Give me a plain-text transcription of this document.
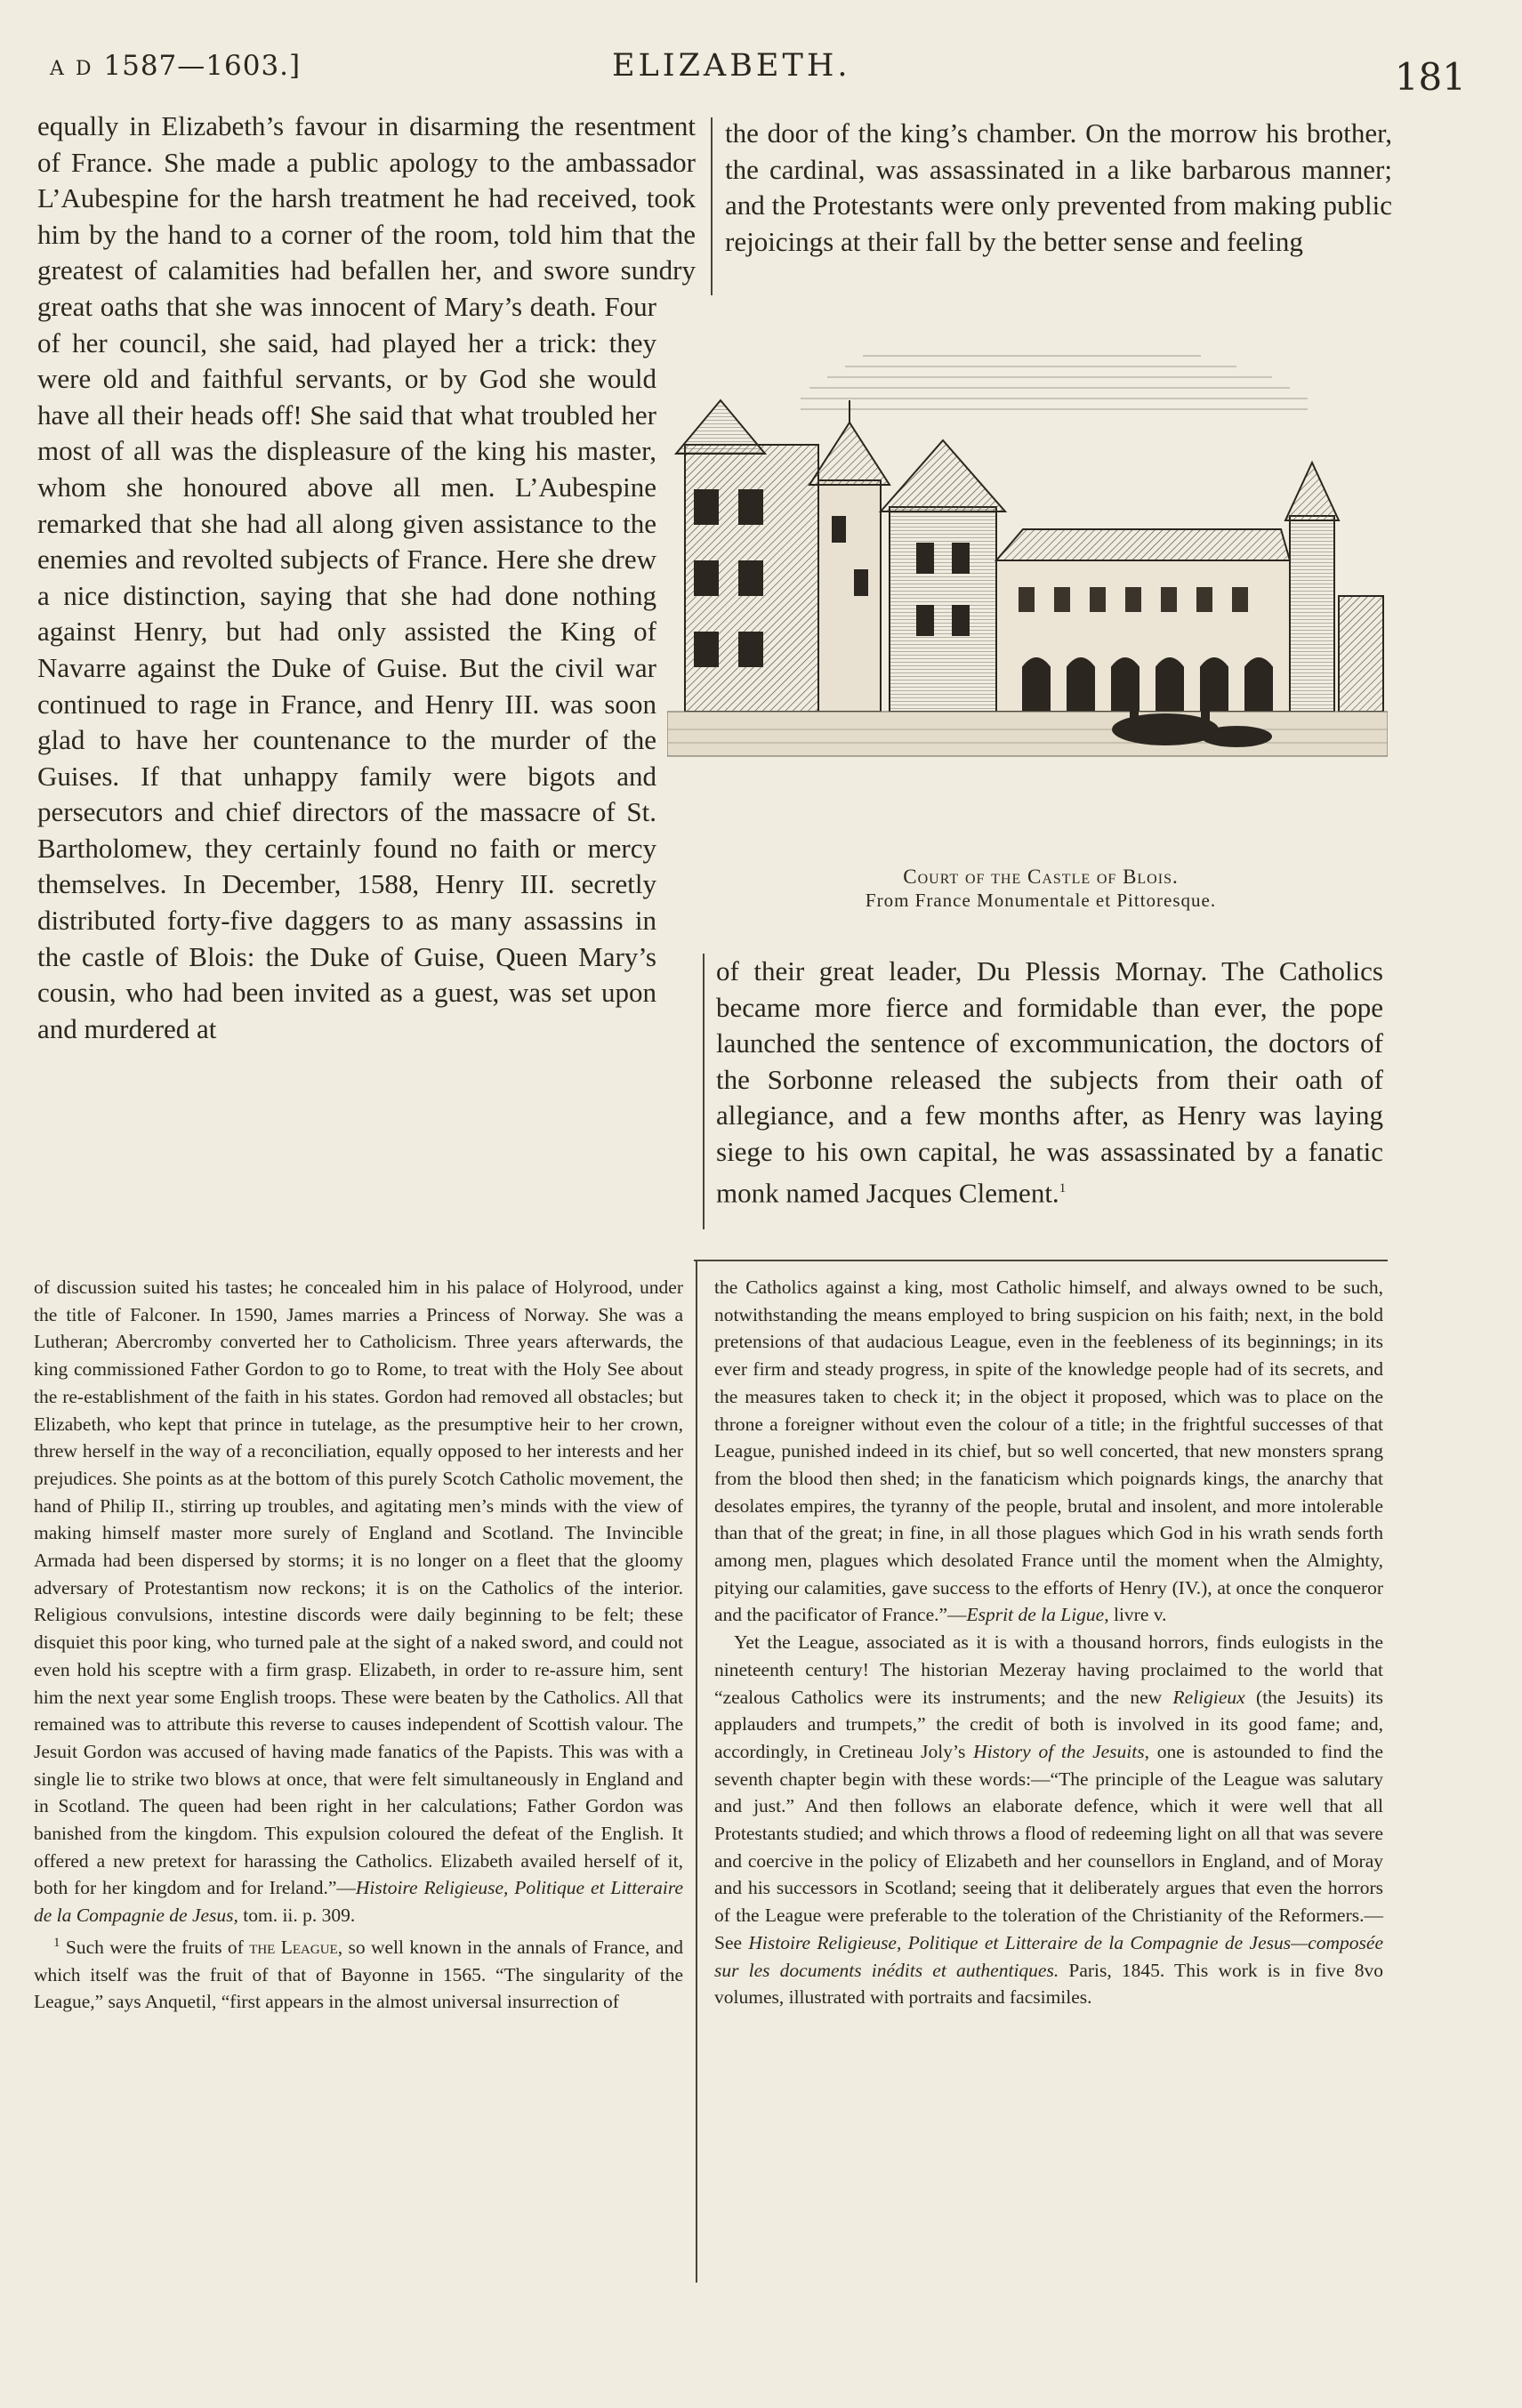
A D 1587—1603.]	ELIZABETH.	181

equally in Elizabeth’s favour in disarming the resentment of France. She made a public apology to the ambassador L’Aubespine for the harsh treatment he had received, took him by the hand to a corner of the room, told him that the greatest of calamities had befallen her, and swore sundry great oaths that she was innocent of Mary’s death. Four of her council, she said, had played her a trick: they were old and faithful servants, or by God she would have all their heads off! She said that what troubled her most of all was the displeasure of the king his master, whom she honoured above all men. L’Aubespine remarked that she had all along given assistance to the enemies and revolted subjects of France. Here she drew a nice distinction, saying that she had done nothing against Henry, but had only assisted the King of Navarre against the Duke of Guise. But the civil war continued to rage in France, and Henry III. was soon glad to have her countenance to the murder of the Guises. If that unhappy family were bigots and persecutors and chief directors of the massacre of St. Bartholomew, they certainly found no faith or mercy themselves. In December, 1588, Henry III. secretly distributed forty-five daggers to as many assassins in the castle of Blois: the Duke of Guise, Queen Mary’s cousin, who had been invited as a guest, was set upon and murdered at

the door of the king’s chamber. On the morrow his brother, the cardinal, was assassinated in a like barbarous manner; and the Protestants were only prevented from making public rejoicings at their fall by the better sense and feeling

Court of the Castle of Blois.
From France Monumentale et Pittoresque.

of their great leader, Du Plessis Mornay. The Catholics became more fierce and formidable than ever, the pope launched the sentence of excommunication, the doctors of the Sorbonne released the subjects from their oath of allegiance, and a few months after, as Henry was laying siege to his own capital, he was assassinated by a fanatic monk named Jacques Clement.$^1$

of discussion suited his tastes; he concealed him in his palace of Holyrood, under the title of Falconer. In 1590, James marries a Princess of Norway. She was a Lutheran; Abercromby converted her to Catholicism. Three years afterwards, the king commissioned Father Gordon to go to Rome, to treat with the Holy See about the re-establishment of the faith in his states. Gordon had removed all obstacles; but Elizabeth, who kept that prince in tutelage, as the presumptive heir to her crown, threw herself in the way of a reconciliation, equally opposed to her interests and her prejudices. She points as at the bottom of this purely Scotch Catholic movement, the hand of Philip II., stirring up troubles, and agitating men’s minds with the view of making himself master more surely of England and Scotland. The Invincible Armada had been dispersed by storms; it is no longer on a fleet that the gloomy adversary of Protestantism now reckons; it is on the Catholics of the interior. Religious convulsions, intestine discords were daily beginning to be felt; these disquiet this poor king, who turned pale at the sight of a naked sword, and could not even hold his sceptre with a firm grasp. Elizabeth, in order to re-assure him, sent him the next year some English troops. These were beaten by the Catholics. All that remained was to attribute this reverse to causes independent of Scottish valour. The Jesuit Gordon was accused of having made fanatics of the Papists. This was with a single lie to strike two blows at once, that were felt simultaneously in England and in Scotland. The queen had been right in her calculations; Father Gordon was banished from the kingdom. This expulsion coloured the defeat of the English. It offered a new pretext for harassing the Catholics. Elizabeth availed herself of it, both for her kingdom and for Ireland.”—Histoire Religieuse, Politique et Litteraire de la Compagnie de Jesus, tom. ii. p. 309.

$^1$ Such were the fruits of the League, so well known in the annals of France, and which itself was the fruit of that of Bayonne in 1565. “The singularity of the League,” says Anquetil, “first appears in the almost universal insurrection of

the Catholics against a king, most Catholic himself, and always owned to be such, notwithstanding the means employed to bring suspicion on his faith; next, in the bold pretensions of that audacious League, even in the feebleness of its beginnings; in its ever firm and steady progress, in spite of the knowledge people had of its secrets, and the measures taken to check it; in the object it proposed, which was to place on the throne a foreigner without even the colour of a title; in the frightful successes of that League, punished indeed in its chief, but so well concerted, that new monsters sprang from the blood then shed; in the fanaticism which poignards kings, the anarchy that desolates empires, the tyranny of the people, brutal and insolent, and more intolerable than that of the great; in fine, in all those plagues which God in his wrath sends forth among men, plagues which desolated France until the moment when the Almighty, pitying our calamities, gave success to the efforts of Henry (IV.), at once the conqueror and the pacificator of France.”—Esprit de la Ligue, livre v.

Yet the League, associated as it is with a thousand horrors, finds eulogists in the nineteenth century! The historian Mezeray having proclaimed to the world that “zealous Catholics were its instruments; and the new Religieux (the Jesuits) its applauders and trumpets,” the credit of both is involved in its good fame; and, accordingly, in Cretineau Joly’s History of the Jesuits, one is astounded to find the seventh chapter begin with these words:—“The principle of the League was salutary and just.” And then follows an elaborate defence, which it were well that all Protestants studied; and which throws a flood of redeeming light on all that was severe and coercive in the policy of Elizabeth and her counsellors in England, and of Moray and his successors in Scotland; seeing that it deliberately argues that even the horrors of the League were preferable to the toleration of the Christianity of the Reformers.—See Histoire Religieuse, Politique et Litteraire de la Compagnie de Jesus—composée sur les documents inédits et authentiques. Paris, 1845. This work is in five 8vo volumes, illustrated with portraits and facsimiles.
